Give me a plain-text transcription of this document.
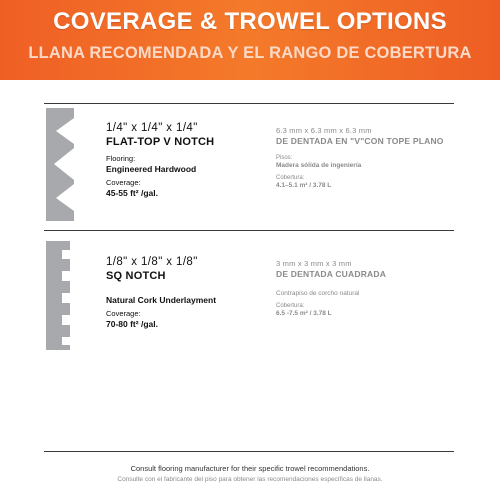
COVERAGE & TROWEL OPTIONS
LLANA RECOMENDADA Y EL RANGO DE COBERTURA
1/4" x 1/4" x 1/4"
FLAT-TOP V NOTCH
Flooring:
Engineered Hardwood
Coverage:
45-55 ft² /gal.
6.3 mm x 6.3 mm x 6.3 mm
DE DENTADA EN "V"CON TOPE PLANO
Pisos:
Madera sólida de ingeniería
Cobertura:
4.1–5.1 m² / 3.78 L
1/8" x 1/8" x 1/8"
SQ NOTCH
Natural Cork Underlayment
Coverage:
70-80 ft² /gal.
3 mm x 3 mm x 3 mm
DE DENTADA CUADRADA
Contrapiso de corcho natural
Cobertura:
6.5 -7.5 m² / 3.78 L
Consult flooring manufacturer for their specific trowel recommendations.
Consulte con el fabricante del piso para obtener las recomendaciones específicas de llanas.
